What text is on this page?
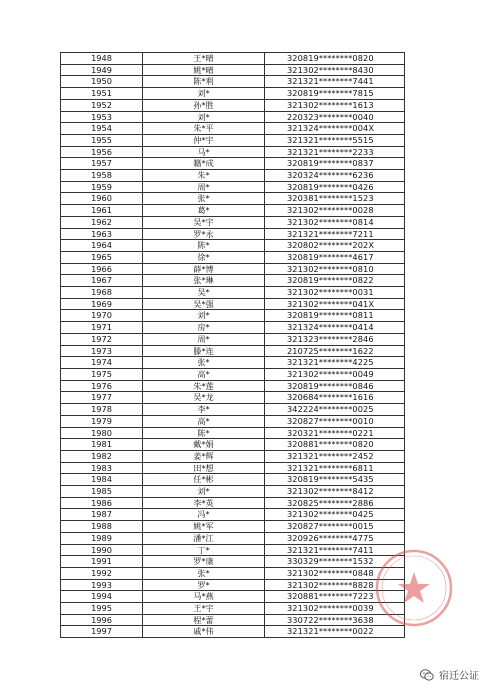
1948	王*晴	320819********0820
1949	姚*晴	321302********8430
1950	陈*利	321321********7441
1951	刘*	320819********7815
1952	孙*胜	321302********1613
1953	刘*	220323********0040
1954	朱*平	321324********004X
1955	仲*宇	321321********5515
1956	马*	321321********2233
1957	籍*成	320819********0837
1958	朱*	320324********6236
1959	周*	320819********0426
1960	张*	320381********1523
1961	葛*	321302********0028
1962	吴*宇	321302********0814
1963	罗*永	321321********7211
1964	陈*	320802********202X
1965	徐*	320819********4617
1966	薛*博	321302********0810
1967	张*琳	320819********0822
1968	吴*	321302********0031
1969	吴*强	321302********041X
1970	刘*	320819********0811
1971	房*	321324********0414
1972	周*	321323********2846
1973	滕*连	210725********1622
1974	张*	321321********4225
1975	高*	321302********0049
1976	朱*莲	320819********0846
1977	吴*龙	320684********1616
1978	李*	342224********0025
1979	高*	320827********0010
1980	陈*	320321********0221
1981	戴*娟	320881********0820
1982	姜*辉	321321********2452
1983	田*想	321321********6811
1984	任*彬	320819********5435
1985	刘*	321302********8412
1986	李*英	320825********2886
1987	冯*	321302********0425
1988	姚*军	320827********0015
1989	潘*江	320926********4775
1990	丁*	321321********7411
1991	罗*康	330329********1532
1992	张*	321302********0848
1993	罗*	321302********8828
1994	马*燕	320881********7223
1995	王*宇	321302********0039
1996	程*蕾	330722********3638
1997	戚*伟	321321********0022
宿迁公证
